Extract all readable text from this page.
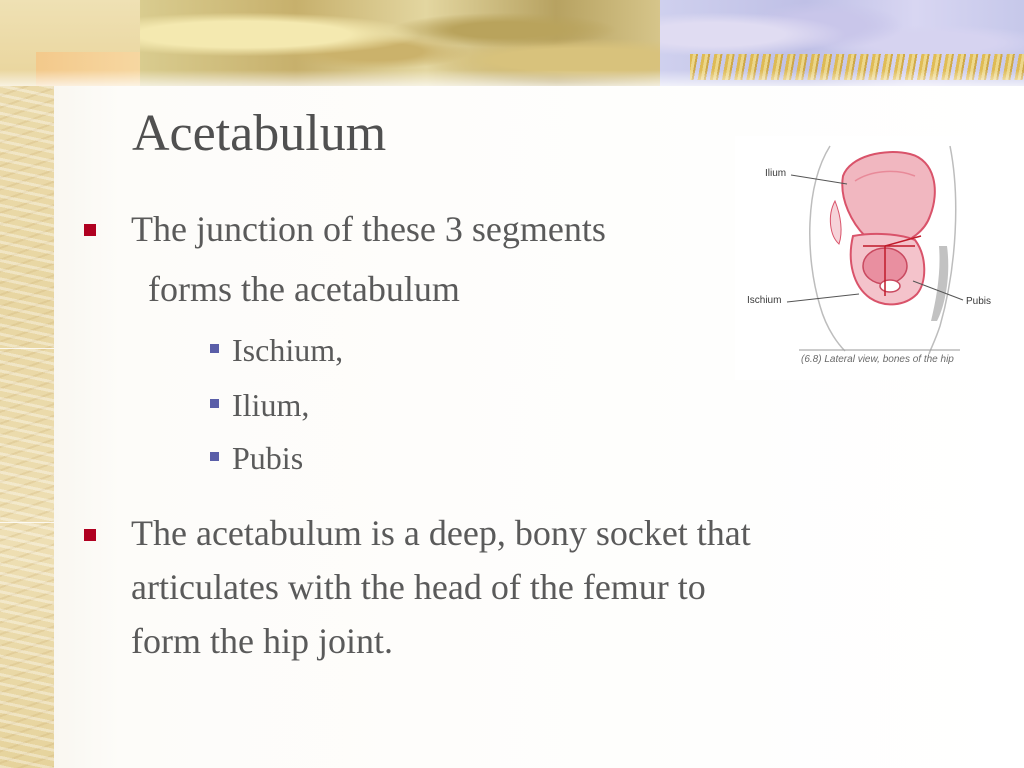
Acetabulum
The junction of these 3 segments
forms the acetabulum
Ischium,
Ilium,
Pubis
The acetabulum is a deep, bony socket that
articulates with the head of the femur to
form the hip joint.
Ilium
Ischium	Pubis
(6.8) Lateral view, bones of the hip
